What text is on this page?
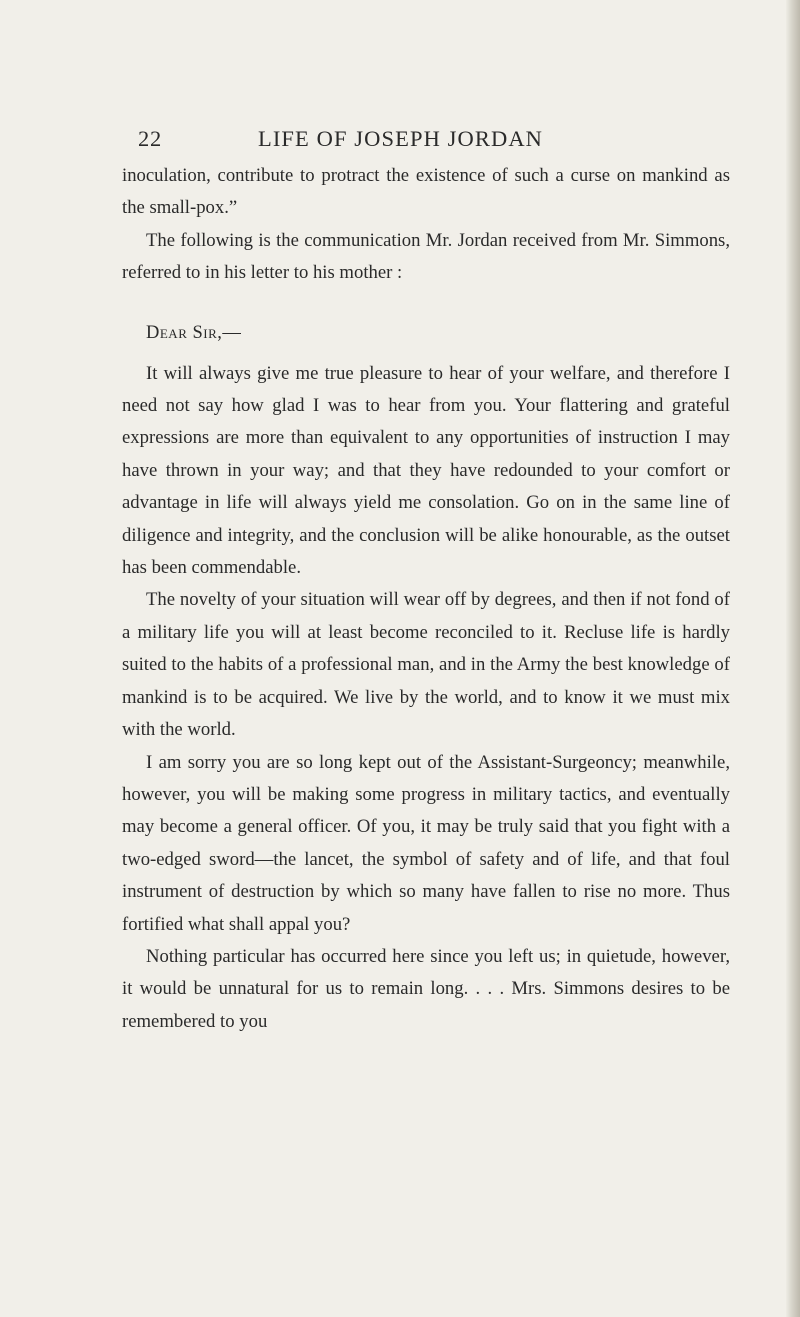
22	LIFE OF JOSEPH JORDAN

inoculation, contribute to protract the existence of such a curse on mankind as the small-pox.”

The following is the communication Mr. Jordan received from Mr. Simmons, referred to in his letter to his mother :

Dear Sir,—

It will always give me true pleasure to hear of your welfare, and therefore I need not say how glad I was to hear from you. Your flattering and grateful expressions are more than equivalent to any opportunities of instruction I may have thrown in your way; and that they have redounded to your comfort or advantage in life will always yield me consolation. Go on in the same line of diligence and integrity, and the conclusion will be alike honourable, as the outset has been commendable.

The novelty of your situation will wear off by degrees, and then if not fond of a military life you will at least become reconciled to it. Recluse life is hardly suited to the habits of a professional man, and in the Army the best knowledge of mankind is to be acquired. We live by the world, and to know it we must mix with the world.

I am sorry you are so long kept out of the Assistant-Surgeoncy; meanwhile, however, you will be making some progress in military tactics, and eventually may become a general officer. Of you, it may be truly said that you fight with a two-edged sword—the lancet, the symbol of safety and of life, and that foul instrument of destruction by which so many have fallen to rise no more. Thus fortified what shall appal you?

Nothing particular has occurred here since you left us; in quietude, however, it would be unnatural for us to remain long. . . . Mrs. Simmons desires to be remembered to you
